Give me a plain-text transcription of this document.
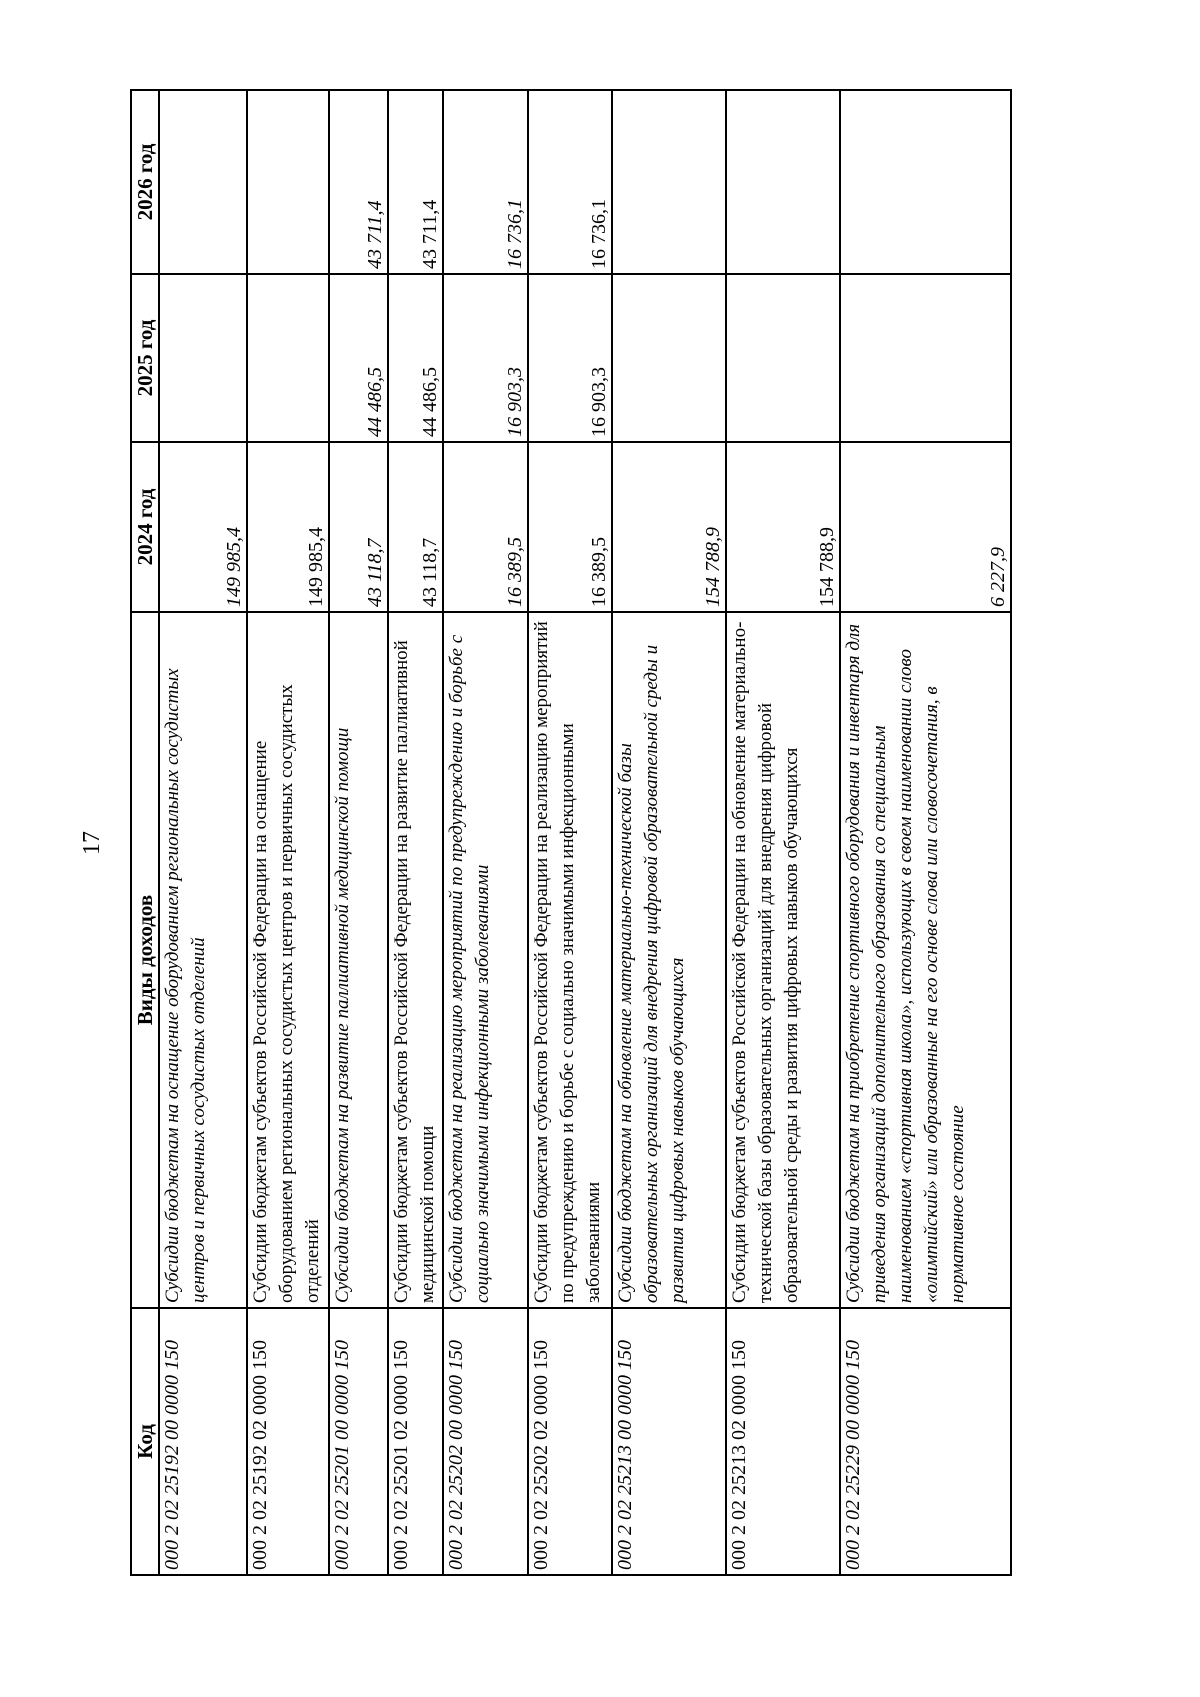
17
Код	Виды доходов	2024 год	2025 год	2026 год
000 2 02 25192 00 0000 150	Субсидии бюджетам на оснащение оборудованием региональных сосудистых центров и первичных сосудистых отделений	149 985,4		
000 2 02 25192 02 0000 150	Субсидии бюджетам субъектов Российской Федерации на оснащение оборудованием региональных сосудистых центров и первичных сосудистых отделений	149 985,4		
000 2 02 25201 00 0000 150	Субсидии бюджетам на развитие паллиативной медицинской помощи	43 118,7	44 486,5	43 711,4
000 2 02 25201 02 0000 150	Субсидии бюджетам субъектов Российской Федерации на развитие паллиативной медицинской помощи	43 118,7	44 486,5	43 711,4
000 2 02 25202 00 0000 150	Субсидии бюджетам на реализацию мероприятий по предупреждению и борьбе с социально значимыми инфекционными заболеваниями	16 389,5	16 903,3	16 736,1
000 2 02 25202 02 0000 150	Субсидии бюджетам субъектов Российской Федерации на реализацию мероприятий по предупреждению и борьбе с социально значимыми инфекционными заболеваниями	16 389,5	16 903,3	16 736,1
000 2 02 25213 00 0000 150	Субсидии бюджетам на обновление материально-технической базы образовательных организаций для внедрения цифровой образовательной среды и развития цифровых навыков обучающихся	154 788,9		
000 2 02 25213 02 0000 150	Субсидии бюджетам субъектов Российской Федерации на обновление материально-технической базы образовательных организаций для внедрения цифровой образовательной среды и развития цифровых навыков обучающихся	154 788,9		
000 2 02 25229 00 0000 150	Субсидии бюджетам на приобретение спортивного оборудования и инвентаря для приведения организаций дополнительного образования со специальным наименованием «спортивная школа», использующих в своем наименовании слово «олимпийский» или образованные на его основе слова или словосочетания, в нормативное состояние	6 227,9		
